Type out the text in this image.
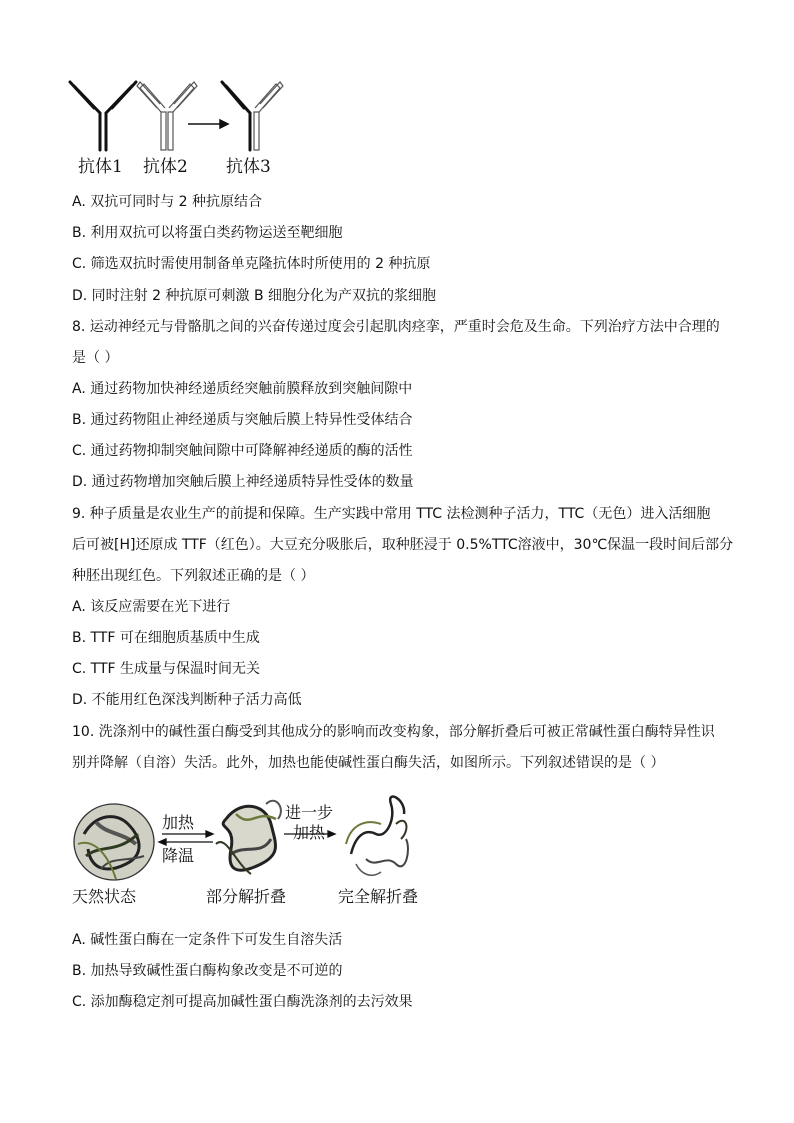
抗体1 抗体2 抗体3
A. 双抗可同时与 2 种抗原结合
B. 利用双抗可以将蛋白类药物运送至靶细胞
C. 筛选双抗时需使用制备单克隆抗体时所使用的 2 种抗原
D. 同时注射 2 种抗原可刺激 B 细胞分化为产双抗的浆细胞
8. 运动神经元与骨骼肌之间的兴奋传递过度会引起肌肉痉挛，严重时会危及生命。下列治疗方法中合理的
是（ ）
A. 通过药物加快神经递质经突触前膜释放到突触间隙中
B. 通过药物阻止神经递质与突触后膜上特异性受体结合
C. 通过药物抑制突触间隙中可降解神经递质的酶的活性
D. 通过药物增加突触后膜上神经递质特异性受体的数量
9. 种子质量是农业生产的前提和保障。生产实践中常用 TTC 法检测种子活力，TTC（无色）进入活细胞
后可被[H]还原成 TTF（红色）。大豆充分吸胀后，取种胚浸于 0.5%TTC溶液中，30℃保温一段时间后部分
种胚出现红色。下列叙述正确的是（ ）
A. 该反应需要在光下进行
B. TTF 可在细胞质基质中生成
C. TTF 生成量与保温时间无关
D. 不能用红色深浅判断种子活力高低
10. 洗涤剂中的碱性蛋白酶受到其他成分的影响而改变构象，部分解折叠后可被正常碱性蛋白酶特异性识
别并降解（自溶）失活。此外，加热也能使碱性蛋白酶失活，如图所示。下列叙述错误的是（ ）
加热
降温
进一步
加热
天然状态	部分解折叠	完全解折叠
A. 碱性蛋白酶在一定条件下可发生自溶失活
B. 加热导致碱性蛋白酶构象改变是不可逆的
C. 添加酶稳定剂可提高加碱性蛋白酶洗涤剂的去污效果
